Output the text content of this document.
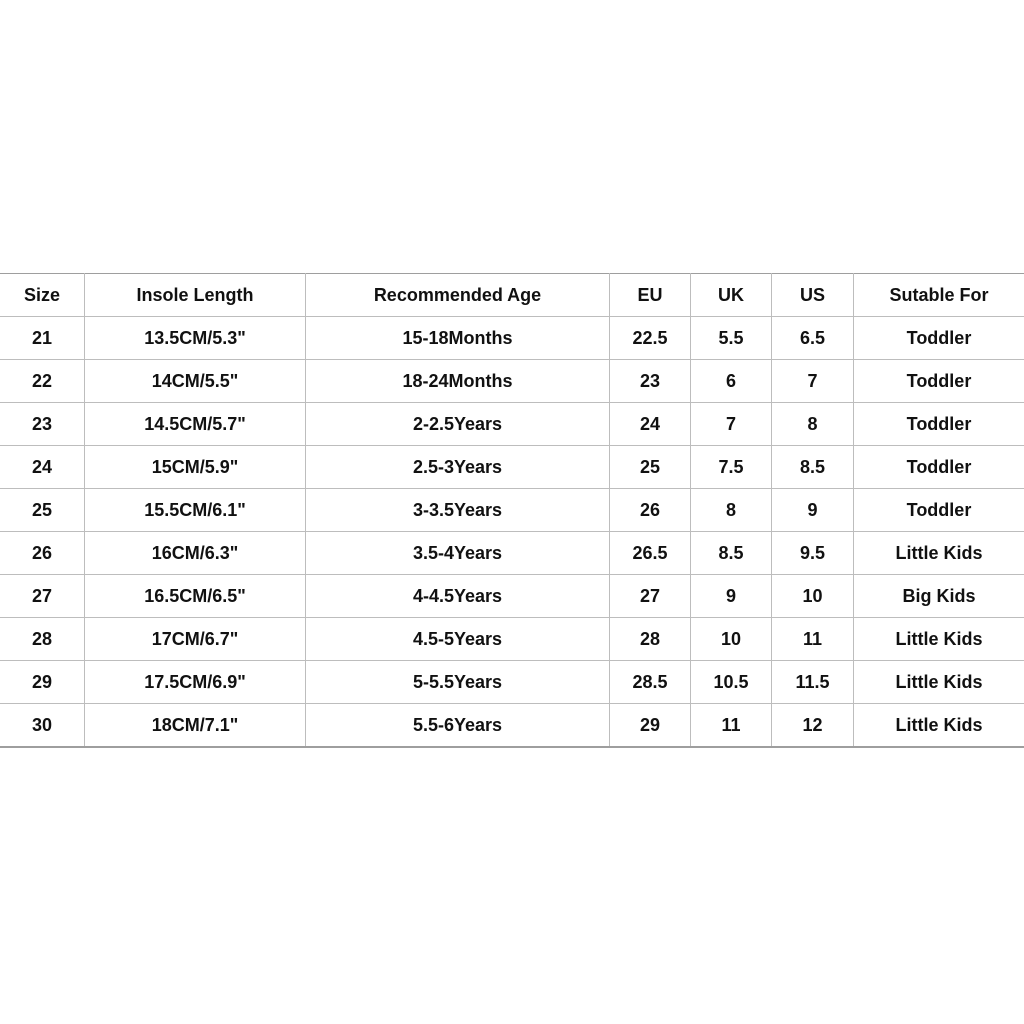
Size	Insole Length	Recommended Age	EU	UK	US	Sutable For
21	13.5CM/5.3"	15-18Months	22.5	5.5	6.5	Toddler
22	14CM/5.5"	18-24Months	23	6	7	Toddler
23	14.5CM/5.7"	2-2.5Years	24	7	8	Toddler
24	15CM/5.9"	2.5-3Years	25	7.5	8.5	Toddler
25	15.5CM/6.1"	3-3.5Years	26	8	9	Toddler
26	16CM/6.3"	3.5-4Years	26.5	8.5	9.5	Little Kids
27	16.5CM/6.5"	4-4.5Years	27	9	10	Big Kids
28	17CM/6.7"	4.5-5Years	28	10	11	Little Kids
29	17.5CM/6.9"	5-5.5Years	28.5	10.5	11.5	Little Kids
30	18CM/7.1"	5.5-6Years	29	11	12	Little Kids
